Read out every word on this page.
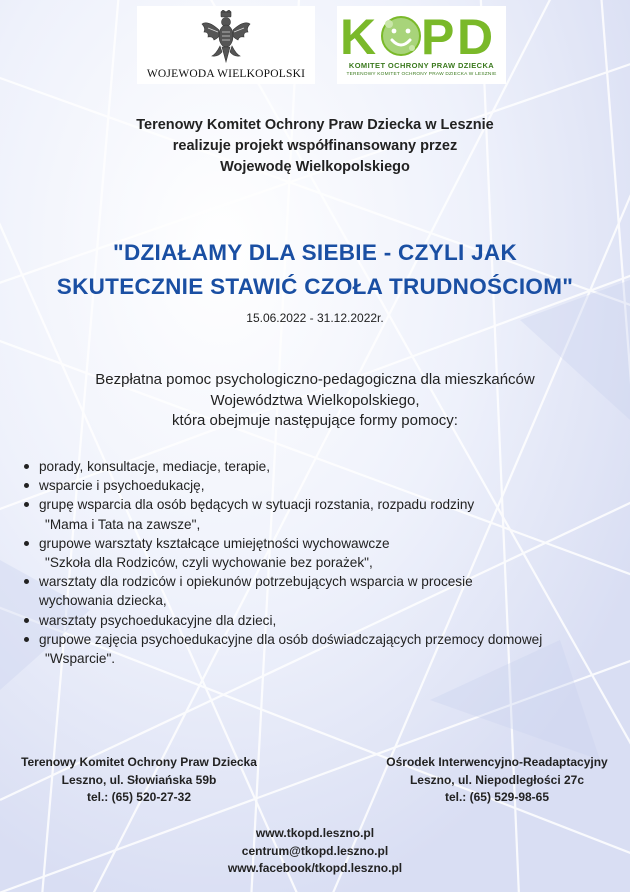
WOJEWODA WIELKOPOLSKI
K P D
KOMITET OCHRONY PRAW DZIECKA
TERENOWY KOMITET OCHRONY PRAW DZIECKA W LESZNIE
Terenowy Komitet Ochrony Praw Dziecka w Lesznie
realizuje projekt współfinansowany przez
Wojewodę Wielkopolskiego
"DZIAŁAMY DLA SIEBIE - CZYLI JAK
SKUTECZNIE STAWIĆ CZOŁA TRUDNOŚCIOM"
15.06.2022 - 31.12.2022r.
Bezpłatna pomoc psychologiczno-pedagogiczna dla mieszkańców
Województwa Wielkopolskiego,
która obejmuje następujące formy pomocy:
porady, konsultacje, mediacje, terapie,
wsparcie i psychoedukację,
grupę wsparcia dla osób będących w sytuacji rozstania, rozpadu rodziny
"Mama i Tata na zawsze",
grupowe warsztaty kształcące umiejętności wychowawcze
"Szkoła dla Rodziców, czyli wychowanie bez porażek",
warsztaty dla rodziców i opiekunów potrzebujących wsparcia w procesie
wychowania dziecka,
warsztaty psychoedukacyjne dla dzieci,
grupowe zajęcia psychoedukacyjne dla osób doświadczających przemocy domowej
"Wsparcie".
Terenowy Komitet Ochrony Praw Dziecka
Leszno, ul. Słowiańska 59b
tel.: (65) 520-27-32
Ośrodek Interwencyjno-Readaptacyjny
Leszno, ul. Niepodległości 27c
tel.: (65) 529-98-65
www.tkopd.leszno.pl
centrum@tkopd.leszno.pl
www.facebook/tkopd.leszno.pl
